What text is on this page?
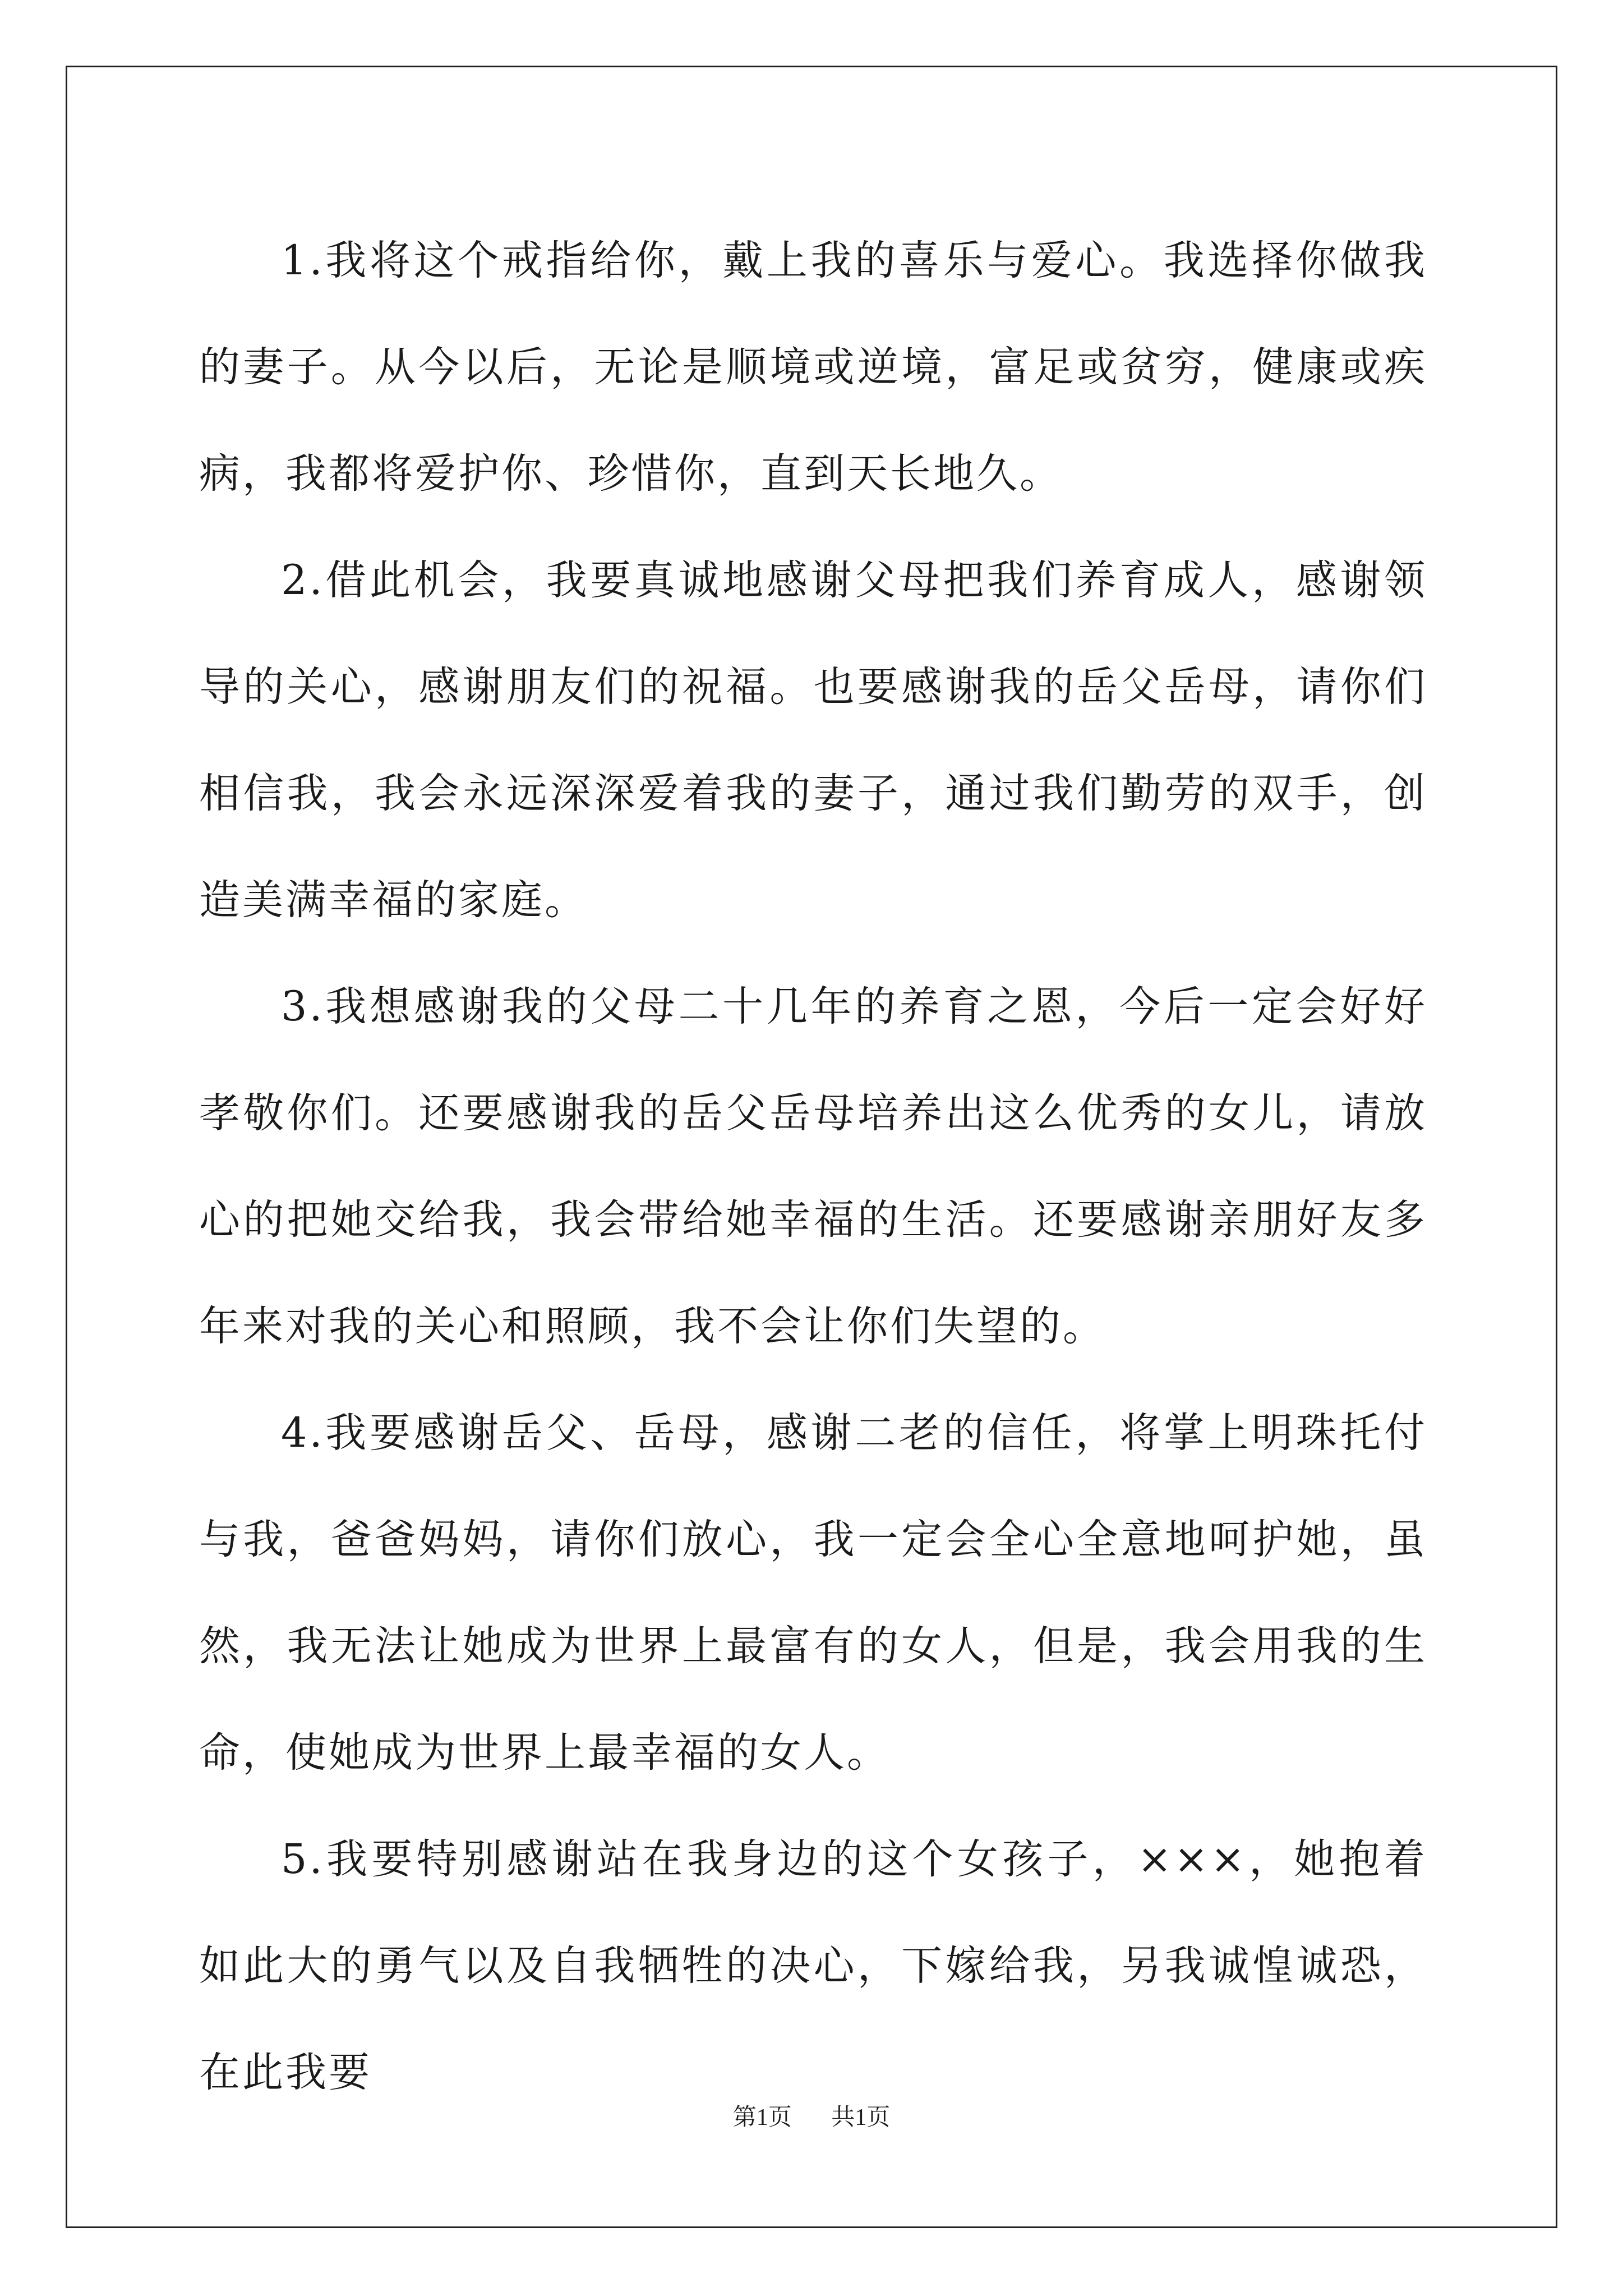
1.我将这个戒指给你，戴上我的喜乐与爱心。我选择你做我的妻子。从今以后，无论是顺境或逆境，富足或贫穷，健康或疾病，我都将爱护你、珍惜你，直到天长地久。

2.借此机会，我要真诚地感谢父母把我们养育成人，感谢领导的关心，感谢朋友们的祝福。也要感谢我的岳父岳母，请你们相信我，我会永远深深爱着我的妻子，通过我们勤劳的双手，创造美满幸福的家庭。

3.我想感谢我的父母二十几年的养育之恩，今后一定会好好孝敬你们。还要感谢我的岳父岳母培养出这么优秀的女儿，请放心的把她交给我，我会带给她幸福的生活。还要感谢亲朋好友多年来对我的关心和照顾，我不会让你们失望的。

4.我要感谢岳父、岳母，感谢二老的信任，将掌上明珠托付与我，爸爸妈妈，请你们放心，我一定会全心全意地呵护她，虽然，我无法让她成为世界上最富有的女人，但是，我会用我的生命，使她成为世界上最幸福的女人。

5.我要特别感谢站在我身边的这个女孩子，×××，她抱着如此大的勇气以及自我牺牲的决心，下嫁给我，另我诚惶诚恐，在此我要

第1页 共1页
